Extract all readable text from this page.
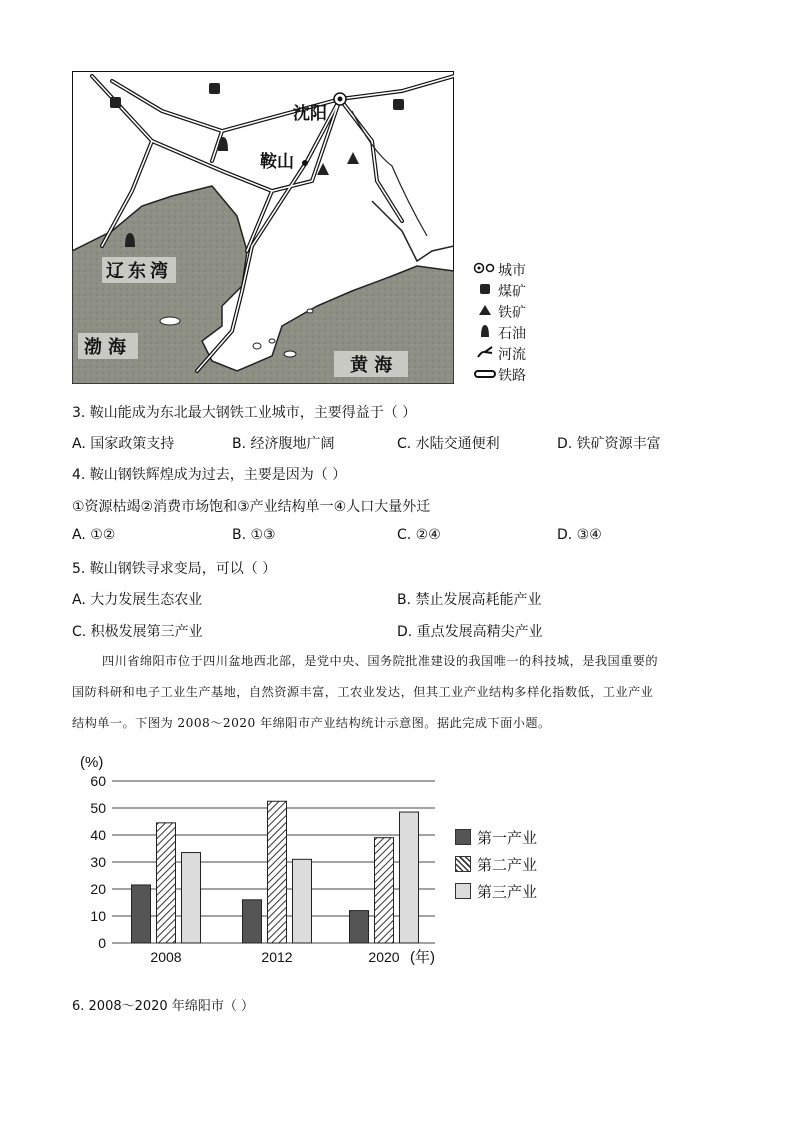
沈阳
鞍山
辽东湾
渤海
黄 海
城市
煤矿
铁矿
石油
河流
铁路
3. 鞍山能成为东北最大钢铁工业城市，主要得益于（ ）
A. 国家政策支持	B. 经济腹地广阔	C. 水陆交通便利	D. 铁矿资源丰富
4. 鞍山钢铁辉煌成为过去，主要是因为（ ）
①资源枯竭②消费市场饱和③产业结构单一④人口大量外迁
A. ①②	B. ①③	C. ②④	D. ③④
5. 鞍山钢铁寻求变局，可以（ ）
A. 大力发展生态农业	B. 禁止发展高耗能产业
C. 积极发展第三产业	D. 重点发展高精尖产业
四川省绵阳市位于四川盆地西北部，是党中央、国务院批准建设的我国唯一的科技城，是我国重要的
国防科研和电子工业生产基地，自然资源丰富，工农业发达，但其工业产业结构多样化指数低，工业产业
结构单一。下图为 2008～2020 年绵阳市产业结构统计示意图。据此完成下面小题。
0
10
20
30
40
50
60
(%)
2008	2012	2020 (年)
第一产业
第二产业
第三产业
6. 2008～2020 年绵阳市（ ）
